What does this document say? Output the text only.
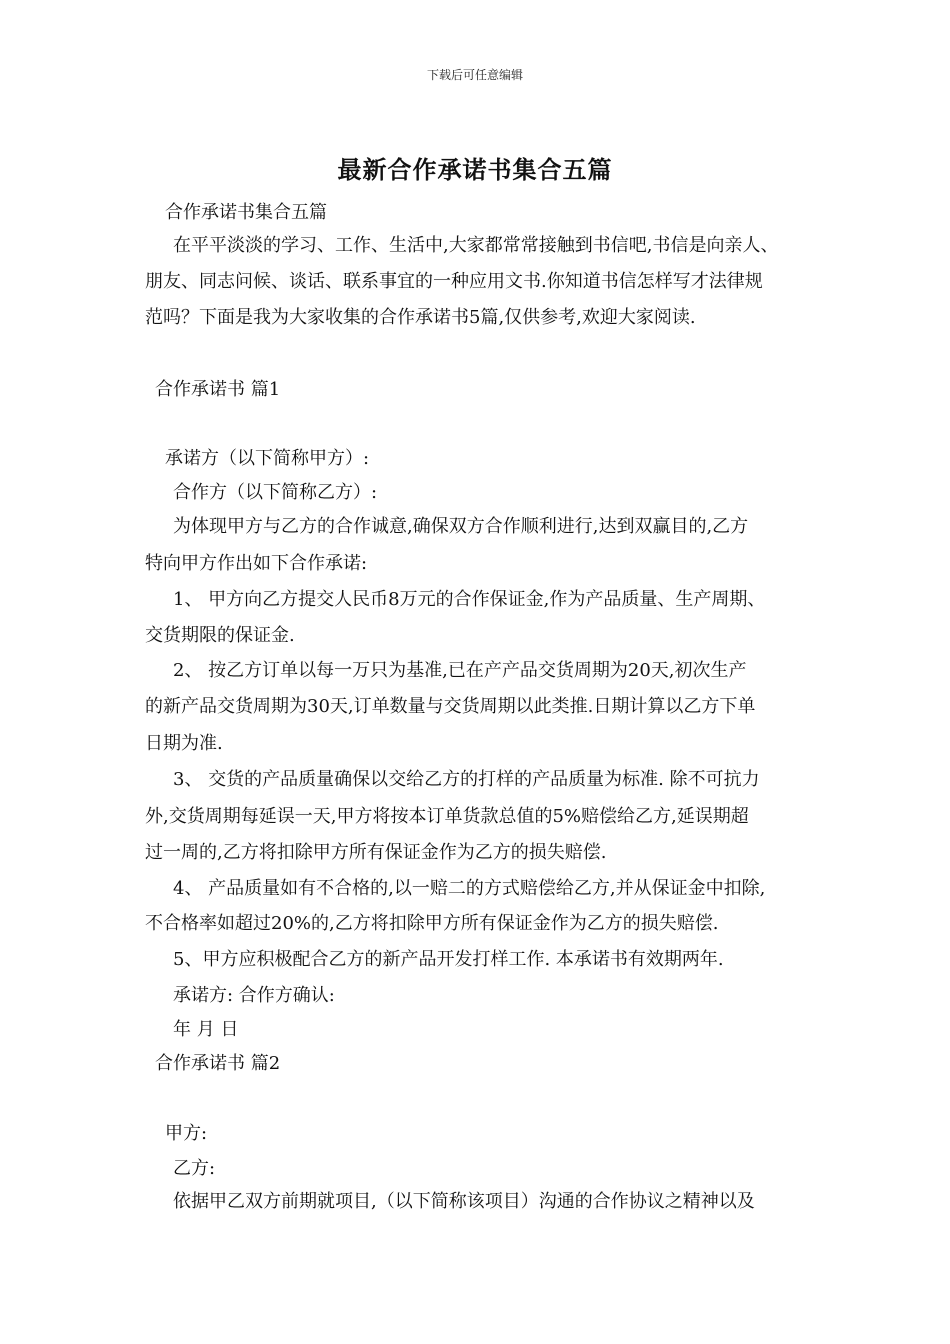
下载后可任意编辑
最新合作承诺书集合五篇
合作承诺书集合五篇
在平平淡淡的学习、工作、生活中,大家都常常接触到书信吧,书信是向亲人、
朋友、同志问候、谈话、联系事宜的一种应用文书.你知道书信怎样写才法律规
范吗？下面是我为大家收集的合作承诺书5篇,仅供参考,欢迎大家阅读.
合作承诺书 篇1
承诺方（以下简称甲方）:
合作方（以下简称乙方）:
为体现甲方与乙方的合作诚意,确保双方合作顺利进行,达到双赢目的,乙方
特向甲方作出如下合作承诺:
1、 甲方向乙方提交人民币8万元的合作保证金,作为产品质量、生产周期、
交货期限的保证金.
2、 按乙方订单以每一万只为基准,已在产产品交货周期为20天,初次生产
的新产品交货周期为30天,订单数量与交货周期以此类推.日期计算以乙方下单
日期为准.
3、 交货的产品质量确保以交给乙方的打样的产品质量为标准. 除不可抗力
外,交货周期每延误一天,甲方将按本订单货款总值的5%赔偿给乙方,延误期超
过一周的,乙方将扣除甲方所有保证金作为乙方的损失赔偿.
4、 产品质量如有不合格的,以一赔二的方式赔偿给乙方,并从保证金中扣除,
不合格率如超过20%的,乙方将扣除甲方所有保证金作为乙方的损失赔偿.
5、甲方应积极配合乙方的新产品开发打样工作. 本承诺书有效期两年.
承诺方: 合作方确认:
年 月 日
合作承诺书 篇2
甲方:
乙方:
依据甲乙双方前期就项目,（以下简称该项目）沟通的合作协议之精神以及
